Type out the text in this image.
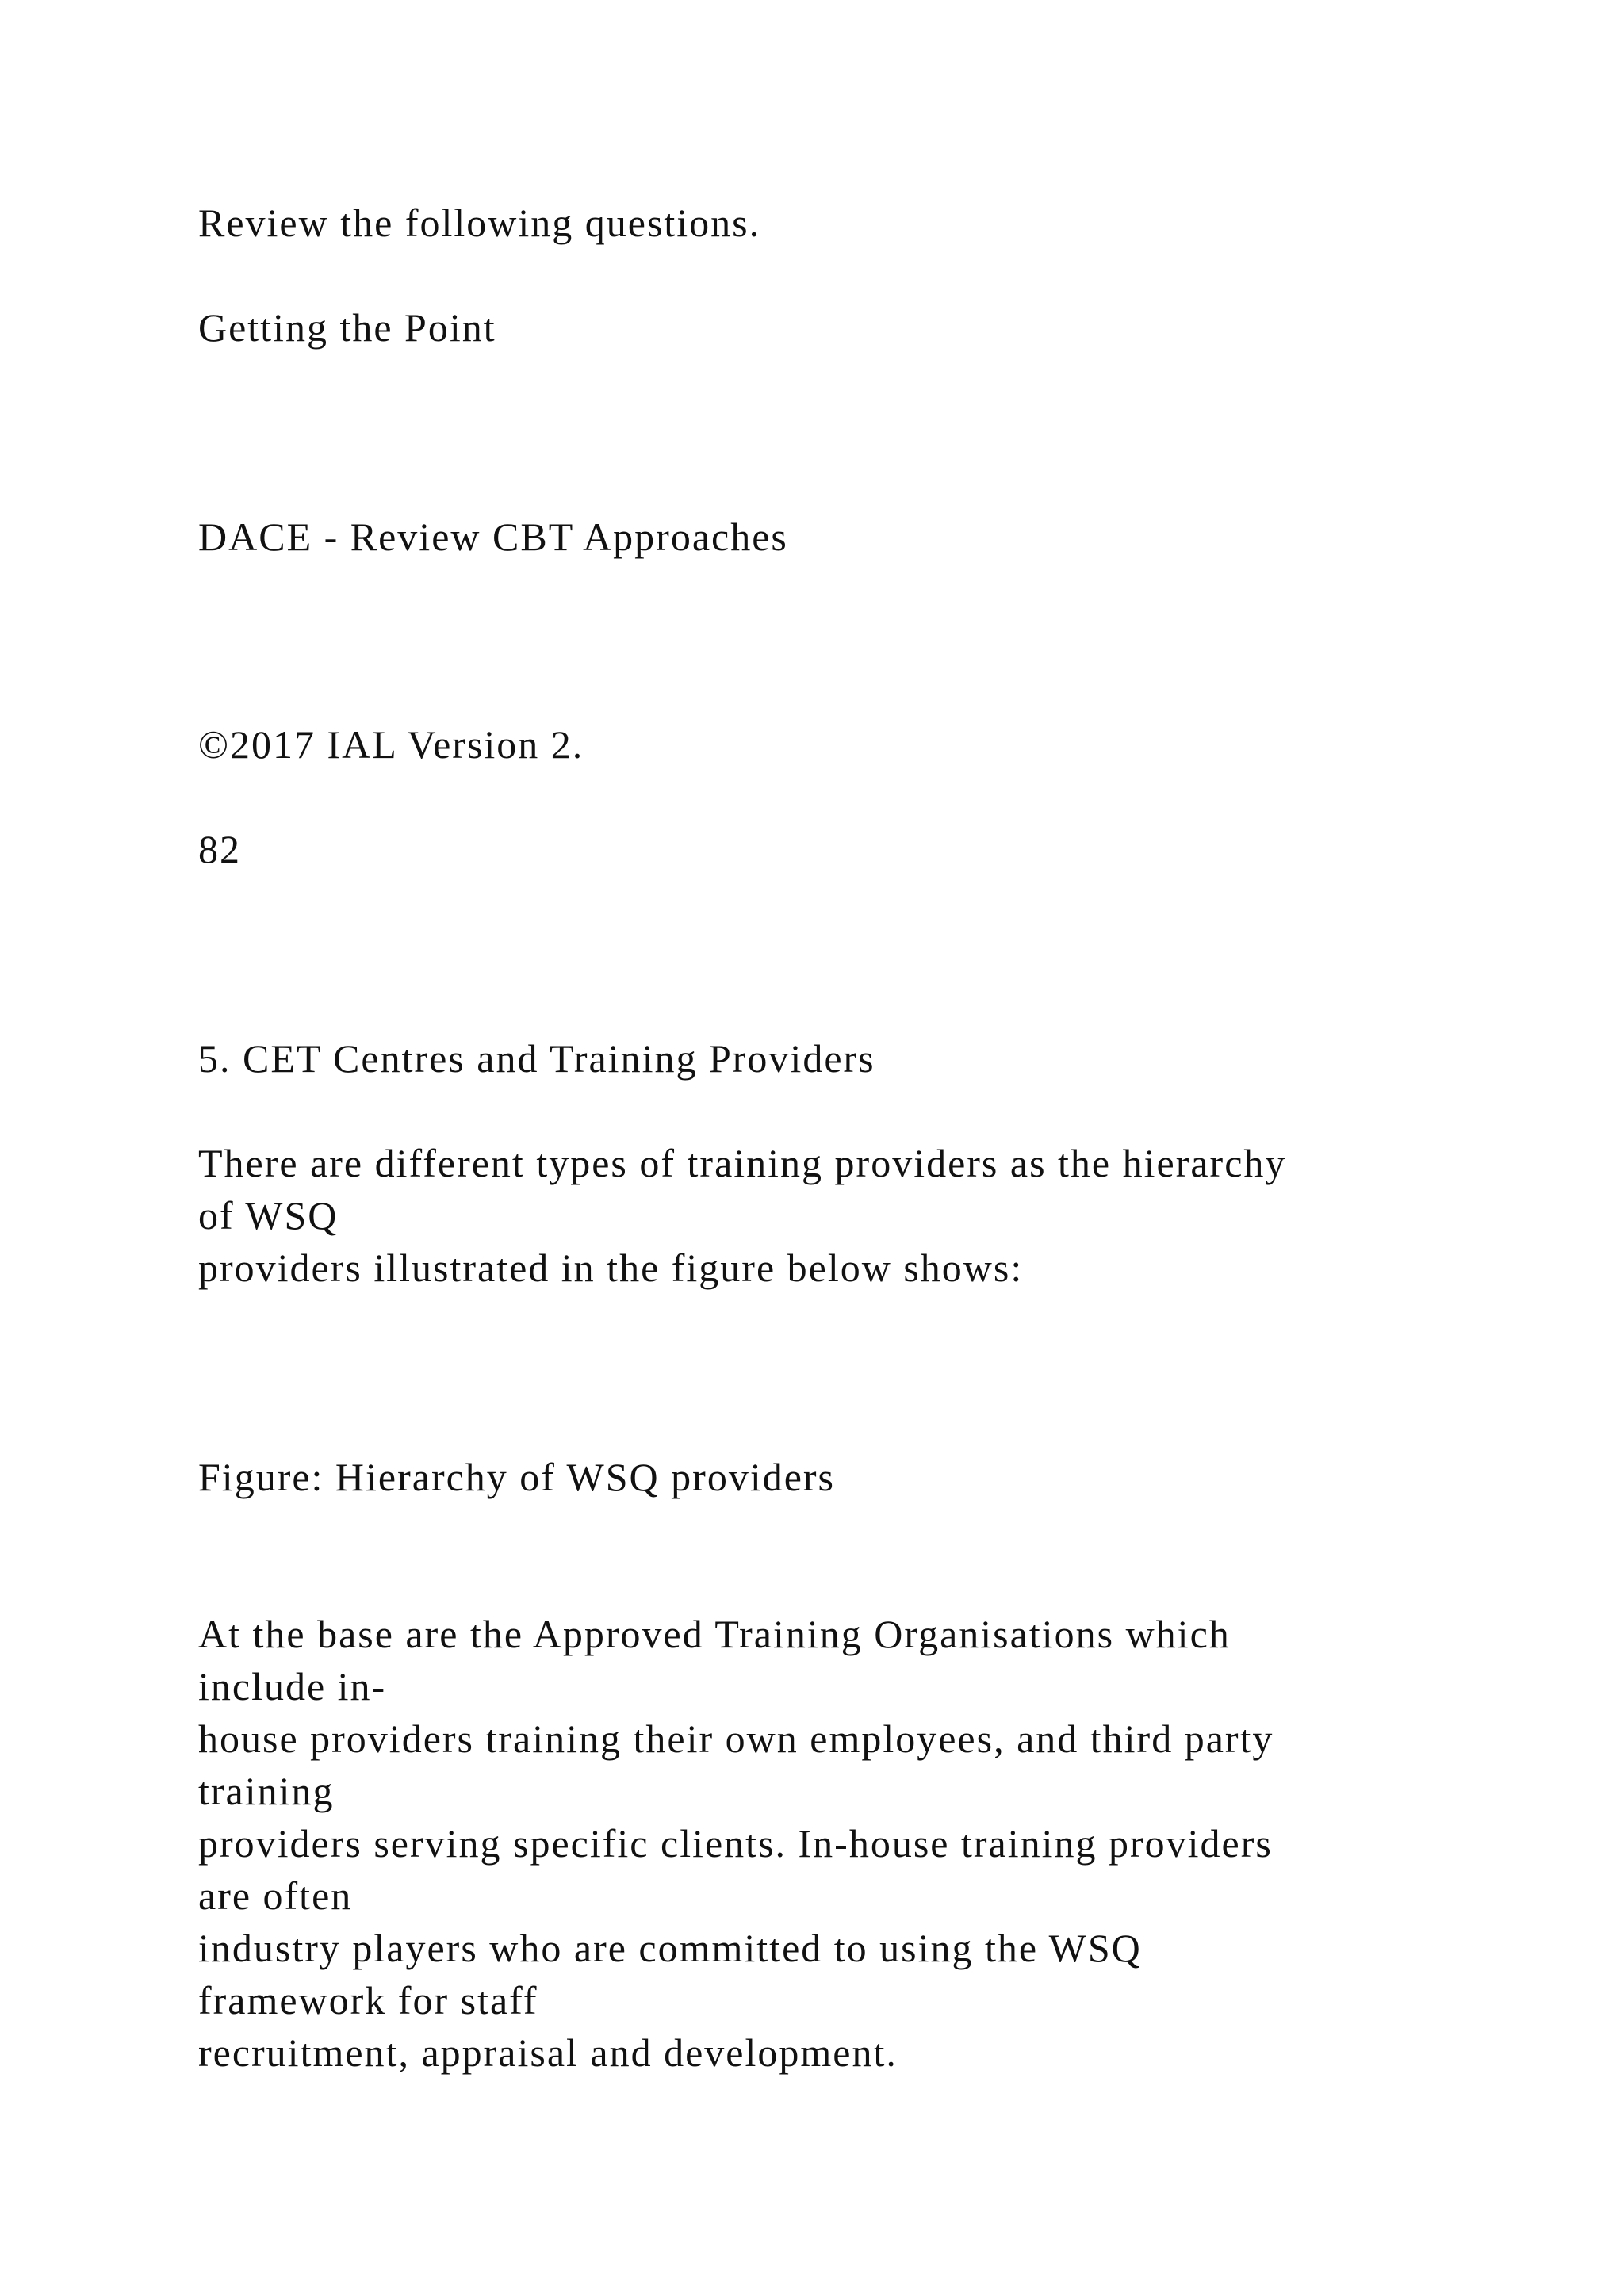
Review the following questions.

Getting the Point

DACE - Review CBT Approaches

©2017 IAL Version 2.

82

5. CET Centres and Training Providers

There are different types of training providers as the hierarchy

of WSQ

providers illustrated in the figure below shows:

Figure: Hierarchy of WSQ providers

At the base are the Approved Training Organisations which

include in-

house providers training their own employees, and third party

training

providers serving specific clients. In-house training providers

are often

industry players who are committed to using the WSQ

framework for staff

recruitment, appraisal and development.
